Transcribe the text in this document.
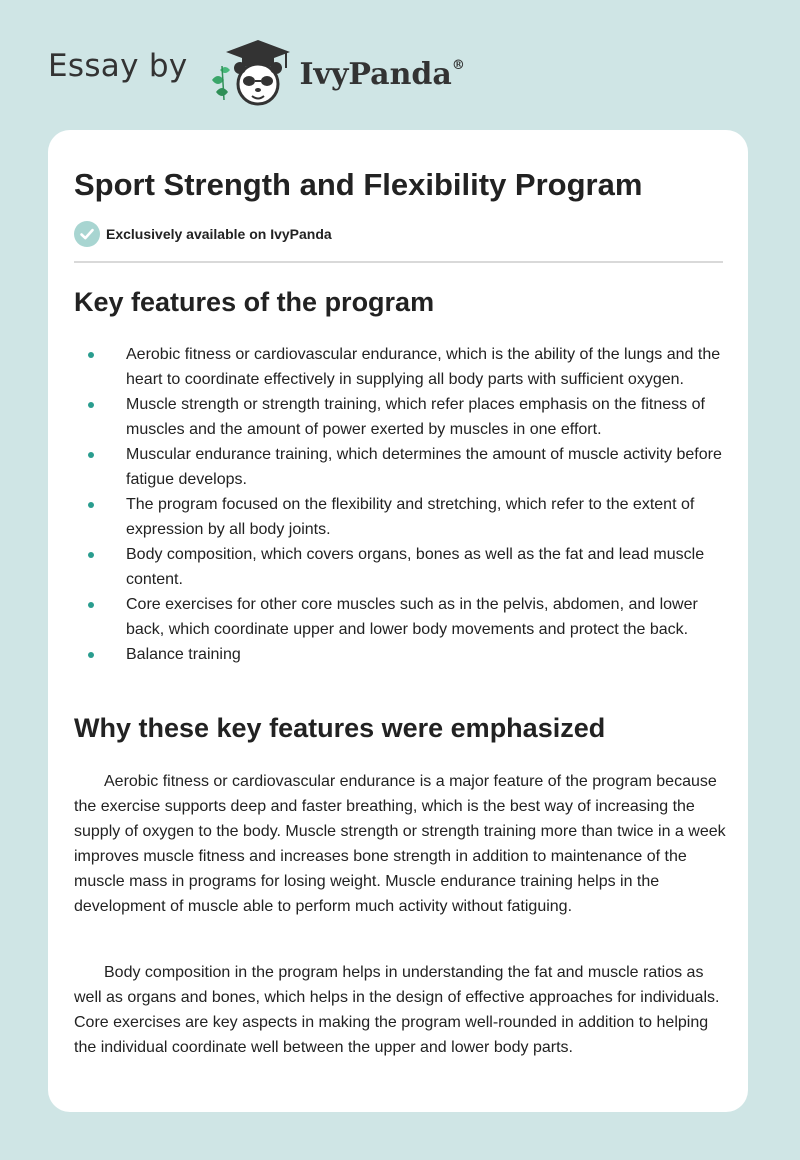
Essay by	IvyPanda®
Sport Strength and Flexibility Program
Exclusively available on IvyPanda
Key features of the program
Aerobic fitness or cardiovascular endurance, which is the ability of the lungs and the heart to coordinate effectively in supplying all body parts with sufficient oxygen.
Muscle strength or strength training, which refer places emphasis on the fitness of muscles and the amount of power exerted by muscles in one effort.
Muscular endurance training, which determines the amount of muscle activity before fatigue develops.
The program focused on the flexibility and stretching, which refer to the extent of expression by all body joints.
Body composition, which covers organs, bones as well as the fat and lead muscle content.
Core exercises for other core muscles such as in the pelvis, abdomen, and lower back, which coordinate upper and lower body movements and protect the back.
Balance training
Why these key features were emphasized

Aerobic fitness or cardiovascular endurance is a major feature of the program because the exercise supports deep and faster breathing, which is the best way of increasing the supply of oxygen to the body. Muscle strength or strength training more than twice in a week improves muscle fitness and increases bone strength in addition to maintenance of the muscle mass in programs for losing weight. Muscle endurance training helps in the development of muscle able to perform much activity without fatiguing.

Body composition in the program helps in understanding the fat and muscle ratios as well as organs and bones, which helps in the design of effective approaches for individuals. Core exercises are key aspects in making the program well-rounded in addition to helping the individual coordinate well between the upper and lower body parts.
